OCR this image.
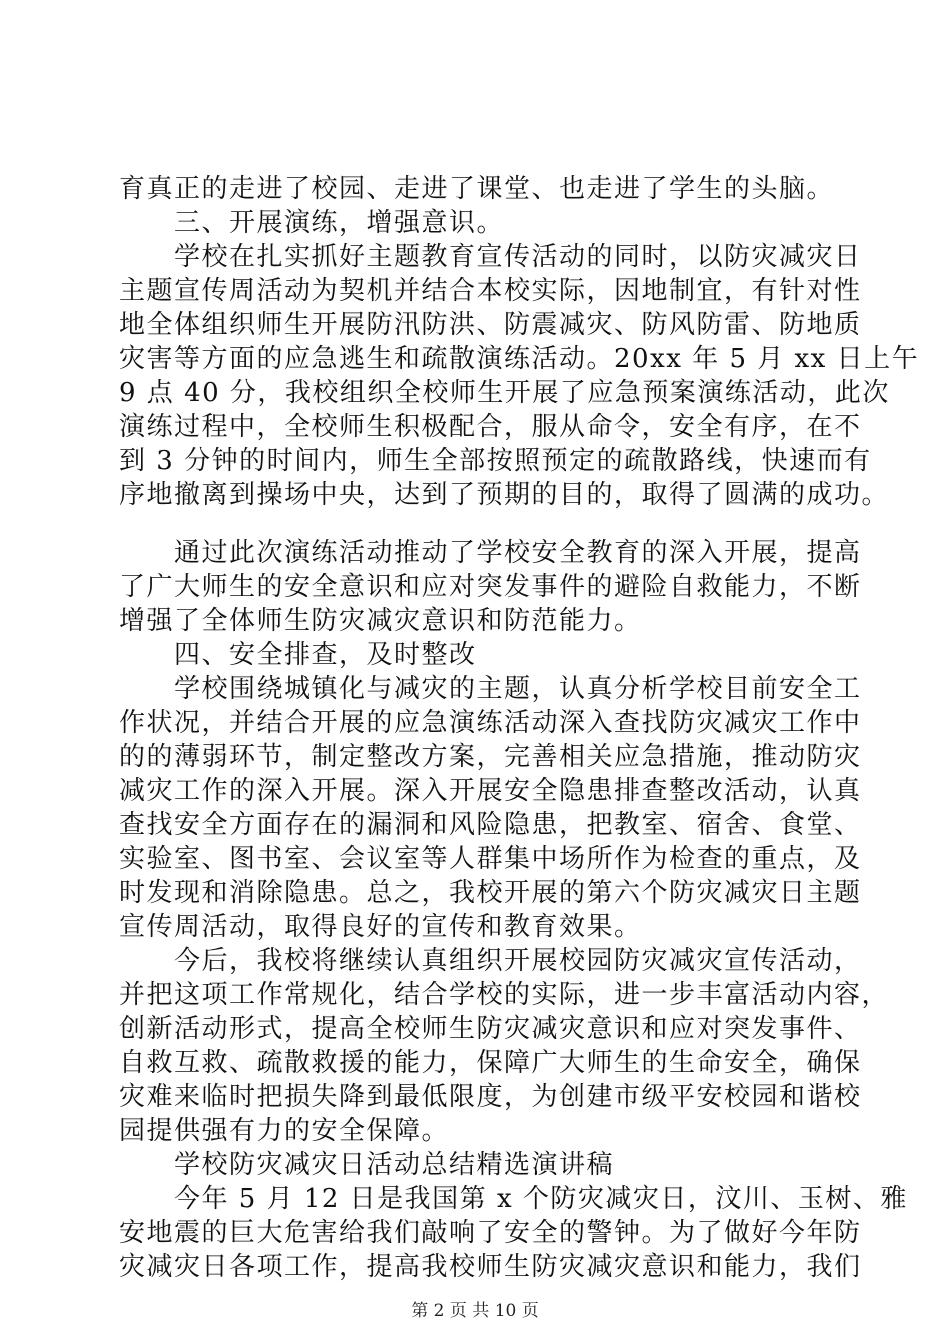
育真正的走进了校园、走进了课堂、也走进了学生的头脑。
　　三、开展演练，增强意识。
　　学校在扎实抓好主题教育宣传活动的同时，以防灾减灾日
主题宣传周活动为契机并结合本校实际，因地制宜，有针对性
地全体组织师生开展防汛防洪、防震减灾、防风防雷、防地质
灾害等方面的应急逃生和疏散演练活动。20xx 年 5 月 xx 日上午
9 点 40 分，我校组织全校师生开展了应急预案演练活动，此次
演练过程中，全校师生积极配合，服从命令，安全有序，在不
到 3 分钟的时间内，师生全部按照预定的疏散路线，快速而有
序地撤离到操场中央，达到了预期的目的，取得了圆满的成功。
　　通过此次演练活动推动了学校安全教育的深入开展，提高
了广大师生的安全意识和应对突发事件的避险自救能力，不断
增强了全体师生防灾减灾意识和防范能力。
　　四、安全排查，及时整改
　　学校围绕城镇化与减灾的主题，认真分析学校目前安全工
作状况，并结合开展的应急演练活动深入查找防灾减灾工作中
的的薄弱环节，制定整改方案，完善相关应急措施，推动防灾
减灾工作的深入开展。深入开展安全隐患排查整改活动，认真
查找安全方面存在的漏洞和风险隐患，把教室、宿舍、食堂、
实验室、图书室、会议室等人群集中场所作为检查的重点，及
时发现和消除隐患。总之，我校开展的第六个防灾减灾日主题
宣传周活动，取得良好的宣传和教育效果。
　　今后，我校将继续认真组织开展校园防灾减灾宣传活动，
并把这项工作常规化，结合学校的实际，进一步丰富活动内容，
创新活动形式，提高全校师生防灾减灾意识和应对突发事件、
自救互救、疏散救援的能力，保障广大师生的生命安全，确保
灾难来临时把损失降到最低限度，为创建市级平安校园和谐校
园提供强有力的安全保障。
　　学校防灾减灾日活动总结精选演讲稿
　　今年 5 月 12 日是我国第 x 个防灾减灾日，汶川、玉树、雅
安地震的巨大危害给我们敲响了安全的警钟。为了做好今年防
灾减灾日各项工作，提高我校师生防灾减灾意识和能力，我们
第 2 页 共 10 页
